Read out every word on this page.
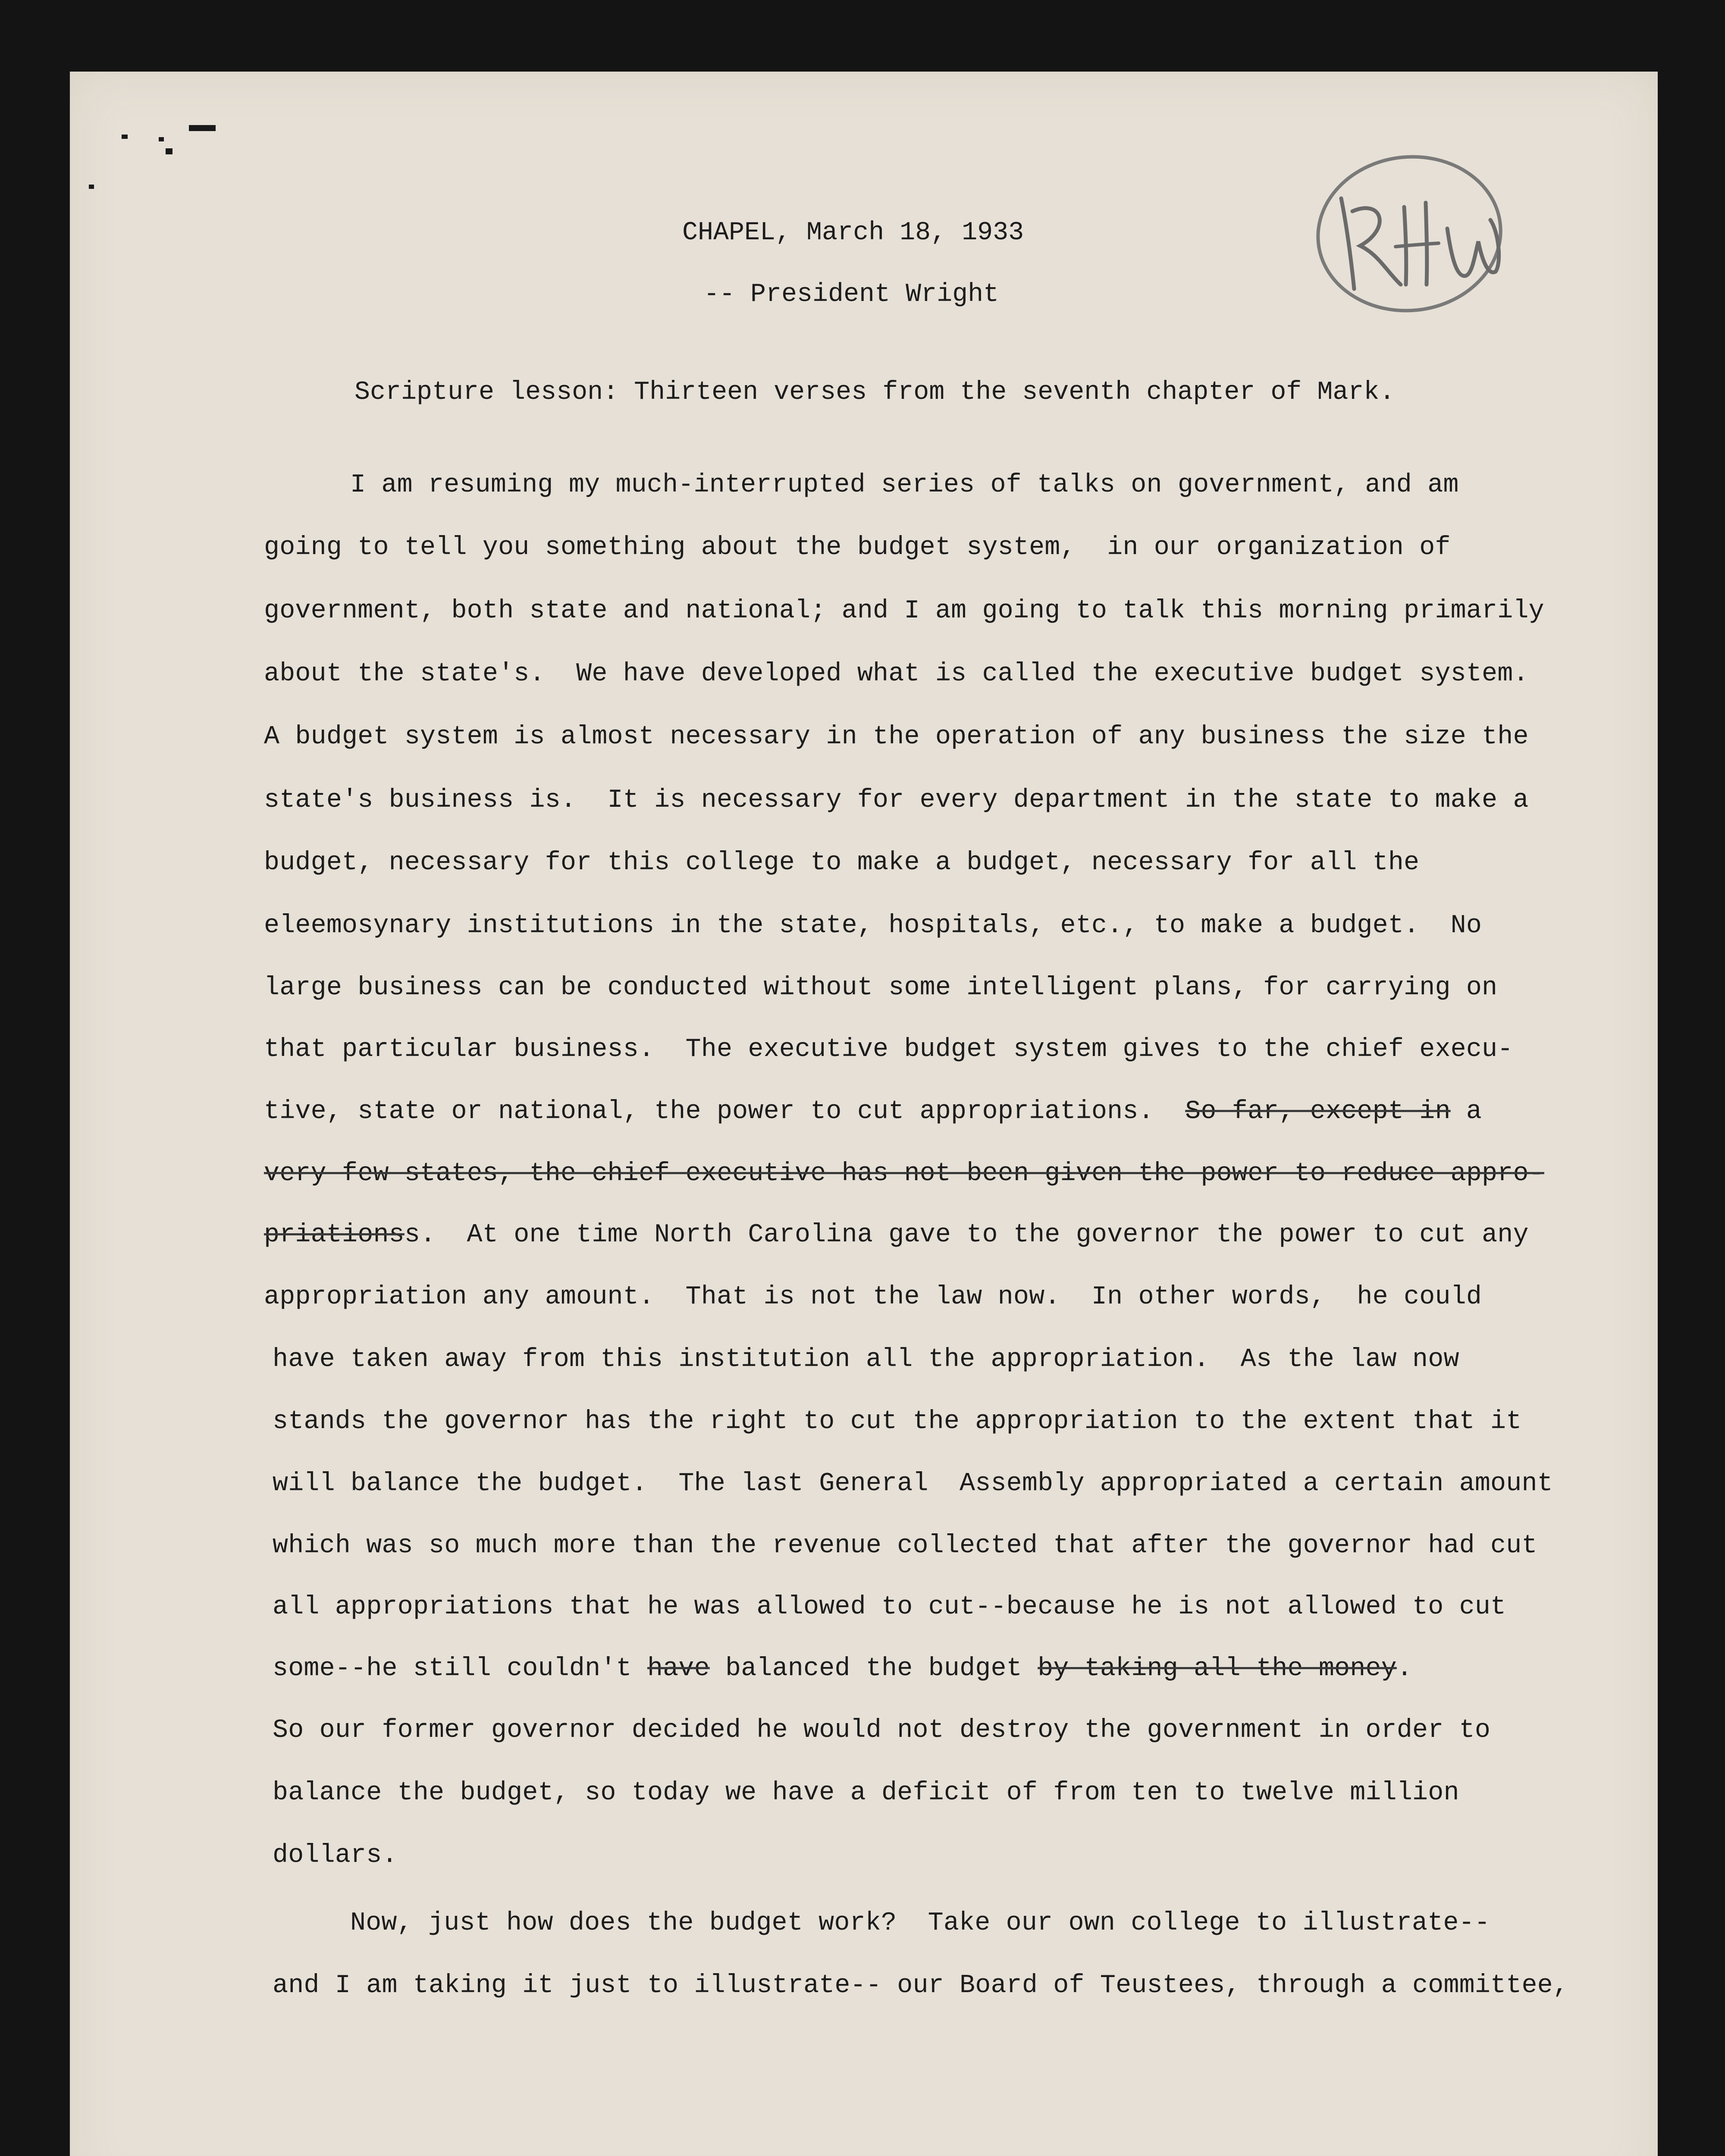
CHAPEL, March 18, 1933
-- President Wright
Scripture lesson: Thirteen verses from the seventh chapter of Mark.
I am resuming my much-interrupted series of talks on government, and am
going to tell you something about the budget system,  in our organization of
government, both state and national; and I am going to talk this morning primarily
about the state's.  We have developed what is called the executive budget system.
A budget system is almost necessary in the operation of any business the size the
state's business is.  It is necessary for every department in the state to make a
budget, necessary for this college to make a budget, necessary for all the
eleemosynary institutions in the state, hospitals, etc., to make a budget.  No
large business can be conducted without some intelligent plans, for carrying on
that particular business.  The executive budget system gives to the chief execu-
tive, state or national, the power to cut appropriations.  So far, except in a
very few states, the chief executive has not been given the power to reduce appro-
priationss.  At one time North Carolina gave to the governor the power to cut any
appropriation any amount.  That is not the law now.  In other words,  he could
have taken away from this institution all the appropriation.  As the law now
stands the governor has the right to cut the appropriation to the extent that it
will balance the budget.  The last General  Assembly appropriated a certain amount
which was so much more than the revenue collected that after the governor had cut
all appropriations that he was allowed to cut--because he is not allowed to cut
some--he still couldn't have balanced the budget by taking all the money.
So our former governor decided he would not destroy the government in order to
balance the budget, so today we have a deficit of from ten to twelve million
dollars.
Now, just how does the budget work?  Take our own college to illustrate--
and I am taking it just to illustrate-- our Board of Teustees, through a committee,
